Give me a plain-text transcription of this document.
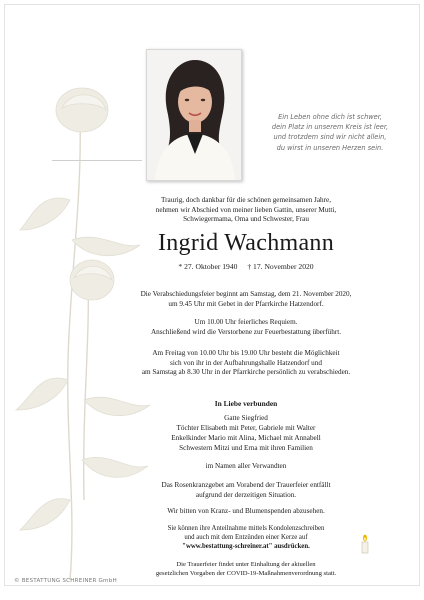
Ein Leben ohne dich ist schwer,
dein Platz in unserem Kreis ist leer,
und trotzdem sind wir nicht allein,
du wirst in unseren Herzen sein.
Traurig, doch dankbar für die schönen gemeinsamen Jahre,
nehmen wir Abschied von meiner lieben Gattin, unserer Mutti,
Schwiegermama, Oma und Schwester, Frau
Ingrid Wachmann
* 27. Oktober 1940 † 17. November 2020
Die Verabschiedungsfeier beginnt am Samstag, dem 21. November 2020,
um 9.45 Uhr mit Gebet in der Pfarrkirche Hatzendorf.
Um 10.00 Uhr feierliches Requiem.
Anschließend wird die Verstorbene zur Feuerbestattung überführt.
Am Freitag von 10.00 Uhr bis 19.00 Uhr besteht die Möglichkeit
sich von ihr in der Aufbahrungshalle Hatzendorf und
am Samstag ab 8.30 Uhr in der Pfarrkirche persönlich zu verabschieden.
In Liebe verbunden
Gatte Siegfried
Töchter Elisabeth mit Peter, Gabriele mit Walter
Enkelkinder Mario mit Alina, Michael mit Annabell
Schwestern Mitzi und Erna mit ihren Familien
im Namen aller Verwandten
Das Rosenkranzgebet am Vorabend der Trauerfeier entfällt
aufgrund der derzeitigen Situation.
Wir bitten von Kranz- und Blumenspenden abzusehen.
Sie können ihre Anteilnahme mittels Kondolenzschreiben
und auch mit dem Entzünden einer Kerze auf
"www.bestattung-schreiner.at" ausdrücken.
Die Trauerfeier findet unter Einhaltung der aktuellen
gesetzlichen Vorgaben der COVID-19-Maßnahmenverordnung statt.
© BESTATTUNG SCHREINER GmbH
